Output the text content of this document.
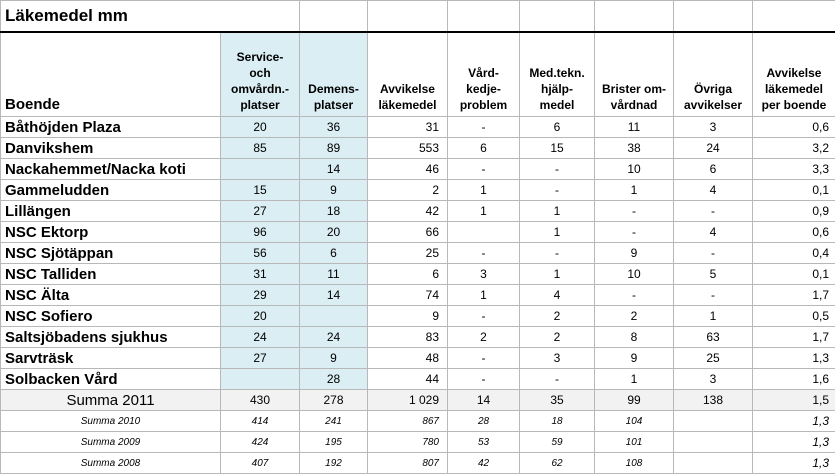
Läkemedel mm								
Boende	Service-
och
omvårdn.-
platser	Demens-
platser	Avvikelse
läkemedel	Vård-
kedje-
problem	Med.tekn.
hjälp-
medel	Brister om-
vårdnad	Övriga
avvikelser	Avvikelse
läkemedel
per boende
Båthöjden Plaza	20	36	31	-	6	11	3	0,6
Danvikshem	85	89	553	6	15	38	24	3,2
Nackahemmet/Nacka koti		14	46	-	-	10	6	3,3
Gammeludden	15	9	2	1	-	1	4	0,1
Lillängen	27	18	42	1	1	-	-	0,9
NSC Ektorp	96	20	66		1	-	4	0,6
NSC Sjötäppan	56	6	25	-	-	9	-	0,4
NSC Talliden	31	11	6	3	1	10	5	0,1
NSC Älta	29	14	74	1	4	-	-	1,7
NSC Sofiero	20		9	-	2	2	1	0,5
Saltsjöbadens sjukhus	24	24	83	2	2	8	63	1,7
Sarvträsk	27	9	48	-	3	9	25	1,3
Solbacken Vård		28	44	-	-	1	3	1,6
Summa 2011	430	278	1 029	14	35	99	138	1,5
Summa 2010	414	241	867	28	18	104		1,3
Summa 2009	424	195	780	53	59	101		1,3
Summa 2008	407	192	807	42	62	108		1,3
